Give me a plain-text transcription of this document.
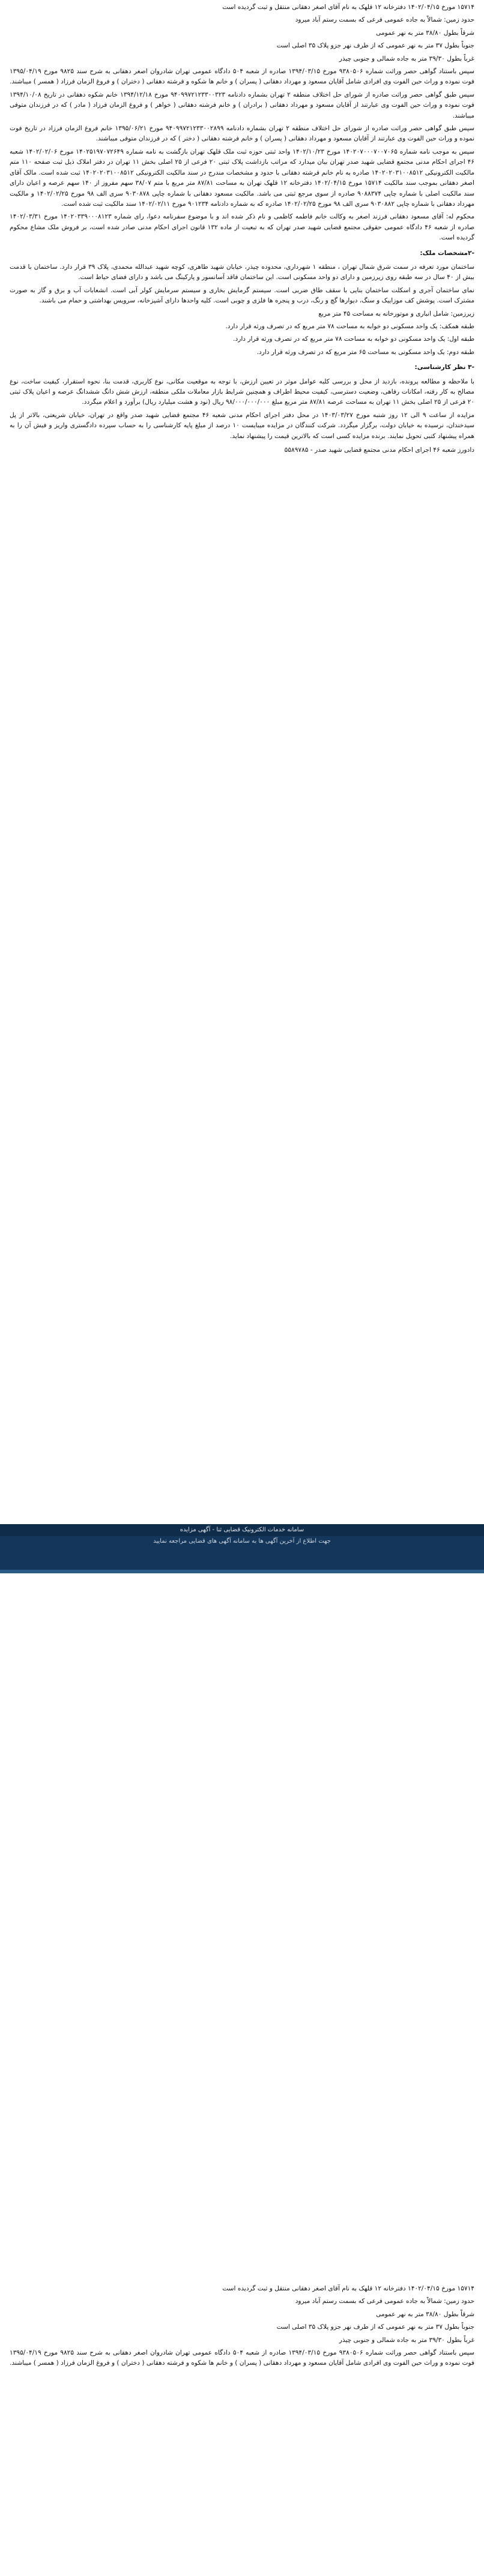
۱۵۷۱۴ مورخ ۱۴۰۲/۰۴/۱۵ دفترخانه ۱۲ قلهک به نام آقای اصغر دهقانی منتقل و ثبت گردیده است

حدود زمین: شمالاً به جاده عمومی فرعی که بسمت رستم آباد میرود

شرقاً بطول ۳۸/۸۰ متر به نهر عمومی

جنوباً بطول ۳۷ متر به نهر عمومی که از طرف نهر جزو پلاک ۳۵ اصلی است

غرباً بطول ۳۹/۳۰ متر به جاده شمالی و جنوبی چیذر

سپس باستناد گواهی حصر وراثت شماره ۹۳۸۰۵۰۶ مورخ ۱۳۹۴/۰۳/۱۵ صادره از شعبه ۵۰۴ دادگاه عمومی تهران شادروان اصغر دهقانی به شرح سند ۹۸۲۵ مورخ ۱۳۹۵/۰۴/۱۹ فوت نموده و وراث حین الفوت وی افرادی شامل آقایان مسعود و مهرداد دهقانی ( پسران ) و خانم ها شکوه و فرشته دهقانی ( دختران ) و فروغ الزمان فرزاد ( همسر ) میباشند.

سپس طبق گواهی حصر وراثت صادره از شورای حل اختلاف منطقه ۲ تهران بشماره دادنامه ۹۴۰۹۹۷۲۱۲۳۳۰۰۳۲۳ مورخ ۱۳۹۴/۱۲/۱۸ خانم شکوه دهقانی در تاریخ ۱۳۹۴/۱۰/۰۸ فوت نموده و وراث حین الفوت وی عبارتند از آقایان مسعود و مهرداد دهقانی ( برادران ) و خانم فرشته دهقانی ( خواهر ) و فروغ الزمان فرزاد ( مادر ) که در فرزندان متوفی میباشند.

سپس طبق گواهی حصر وراثت صادره از شورای حل اختلاف منطقه ۲ تهران بشماره دادنامه ۹۴۰۹۹۷۲۱۲۳۳۰۰۲۸۹۹ مورخ ۱۳۹۵/۰۶/۲۱ خانم فروغ الزمان فرزاد در تاریخ فوت نموده و وراث حین الفوت وی عبارتند از آقایان مسعود و مهرداد دهقانی ( پسران ) و خانم فرشته دهقانی ( دختر ) که در فرزندان متوفی میباشند.

سپس به موجب نامه شماره ۱۴۰۲۰۷۰۰۰۷۰۰۷۰۶۵ مورخ ۱۴۰۲/۱۰/۲۳ واحد ثبتی حوزه ثبت ملک قلهک تهران بازگشت به نامه شماره ۱۴۰۲۵۱۹۷۰۷۲۶۴۹ مورخ ۱۴۰۲/۰۲/۰۶ شعبه ۴۶ اجرای احکام مدنی مجتمع قضایی شهید صدر تهران بیان میدارد که مراتب بازداشت پلاک ثبتی ۲۰ فرعی از ۲۵ اصلی بخش ۱۱ تهران در دفتر املاک ذیل ثبت صفحه ۱۱۰ متم مالکیت الکترونیکی ۱۴۰۲۰۲۰۳۱۰۰۸۵۱۲ صادره به نام خانم فرشته دهقانی با حدود و مشخصات مندرج در سند مالکیت الکترونیکی ۱۴۰۲۰۲۰۳۱۰۰۸۵۱۲ ثبت شده است. مالک آقای اصغر دهقانی بموجب سند مالکیت ۱۵۷۱۴ مورخ ۱۴۰۲/۰۴/۱۵ دفترخانه ۱۲ قلهک تهران به مساحت ۸۷/۸۱ متر مربع با متم ۳۸/۰۷ سهم مفروز از ۱۴۰ سهم عرصه و اعیان دارای سند مالکیت اصلی با شماره چاپی ۹۰۸۸۳۷۴ صادره از سوی مرجع ثبتی می باشد. مالکیت مسعود دهقانی با شماره چاپی ۹۰۳۰۸۷۸ سری الف ۹۸ مورخ ۱۴۰۲/۰۲/۲۵ و مالکیت مهرداد دهقانی با شماره چاپی ۹۰۳۰۸۸۲ سری الف ۹۸ مورخ ۱۴۰۲/۰۲/۲۵ صادره که به شماره دادنامه ۹۰۱۲۳۴ مورخ ۱۴۰۲/۰۲/۱۱ سند مالکیت ثبت شده است.

محکوم له: آقای مسعود دهقانی فرزند اصغر به وکالت خانم فاطمه کاظمی و نام ذکر شده اند و با موضوع سفرنامه دعوا، رای شماره ۱۴۰۲۰۳۳۹۰۰۰۸۱۲۳ مورخ ۱۴۰۲/۰۳/۳۱ صادره از شعبه ۴۶ دادگاه عمومی حقوقی مجتمع قضایی شهید صدر تهران که به تبعیت از ماده ۱۳۲ قانون اجرای احکام مدنی صادر شده است، بر فروش ملک مشاع محکوم گردیده است.

-۲مشخصات ملک:

ساختمان مورد تعرفه در سمت شرق شمال تهران ، منطقه ۱ شهرداری، محدوده چیذر، خیابان شهید طاهری، کوچه شهید عبدالله محمدی، پلاک ۳۹ قرار دارد. ساختمان با قدمت بیش از ۴۰ سال در سه طبقه روی زیرزمین و دارای دو واحد مسکونی است. این ساختمان فاقد آسانسور و پارکینگ می باشد و دارای فضای حیاط است.

نمای ساختمان آجری و اسکلت ساختمان بنایی با سقف طاق ضربی است. سیستم گرمایش بخاری و سیستم سرمایش کولر آبی است. انشعابات آب و برق و گاز به صورت مشترک است. پوشش کف موزاییک و سنگ، دیوارها گچ و رنگ، درب و پنجره ها فلزی و چوبی است. کلیه واحدها دارای آشپزخانه، سرویس بهداشتی و حمام می باشند.

زیرزمین: شامل انباری و موتورخانه به مساحت ۴۵ متر مربع

طبقه همکف: یک واحد مسکونی دو خوابه به مساحت ۷۸ متر مربع که در تصرف ورثه قرار دارد.

طبقه اول: یک واحد مسکونی دو خوابه به مساحت ۷۸ متر مربع که در تصرف ورثه قرار دارد.

طبقه دوم: یک واحد مسکونی به مساحت ۶۵ متر مربع که در تصرف ورثه قرار دارد.

-۳ نظر کارشناسی:

با ملاحظه و مطالعه پرونده، بازدید از محل و بررسی کلیه عوامل موثر در تعیین ارزش، با توجه به موقعیت مکانی، نوع کاربری، قدمت بنا، نحوه استقرار، کیفیت ساخت، نوع مصالح به کار رفته، امکانات رفاهی، وضعیت دسترسی، کیفیت محیط اطراف و همچنین شرایط بازار معاملات ملکی منطقه، ارزش شش دانگ ششدانگ عرصه و اعیان پلاک ثبتی ۲۰ فرعی از ۲۵ اصلی بخش ۱۱ تهران به مساحت عرصه ۸۷/۸۱ متر مربع مبلغ ۹۸/۰۰۰/۰۰۰/۰۰۰ ریال (نود و هشت میلیارد ریال) برآورد و اعلام میگردد.

مزایده از ساعت ۹ الی ۱۲ روز شنبه مورخ ۱۴۰۳/۰۳/۲۷ در محل دفتر اجرای احکام مدنی شعبه ۴۶ مجتمع قضایی شهید صدر واقع در تهران، خیابان شریعتی، بالاتر از پل سیدخندان، نرسیده به خیابان دولت، برگزار میگردد. شرکت کنندگان در مزایده میبایست ۱۰ درصد از مبلغ پایه کارشناسی را به حساب سپرده دادگستری واریز و فیش آن را به همراه پیشنهاد کتبی تحویل نمایند. برنده مزایده کسی است که بالاترین قیمت را پیشنهاد نماید.

دادورز شعبه ۴۶ اجرای احکام مدنی مجتمع قضایی شهید صدر - ۵۵۸۹۷۸۵

سامانه خدمات الکترونیک قضایی ثنا - آگهی مزایده
جهت اطلاع از آخرین آگهی ها به سامانه آگهی های قضایی مراجعه نمایید

۱۵۷۱۴ مورخ ۱۴۰۲/۰۴/۱۵ دفترخانه ۱۲ قلهک به نام آقای اصغر دهقانی منتقل و ثبت گردیده است

حدود زمین: شمالاً به جاده عمومی فرعی که بسمت رستم آباد میرود

شرقاً بطول ۳۸/۸۰ متر به نهر عمومی

جنوباً بطول ۳۷ متر به نهر عمومی که از طرف نهر جزو پلاک ۳۵ اصلی است

غرباً بطول ۳۹/۳۰ متر به جاده شمالی و جنوبی چیذر

سپس باستناد گواهی حصر وراثت شماره ۹۳۸۰۵۰۶ مورخ ۱۳۹۴/۰۳/۱۵ صادره از شعبه ۵۰۴ دادگاه عمومی تهران شادروان اصغر دهقانی به شرح سند ۹۸۲۵ مورخ ۱۳۹۵/۰۴/۱۹ فوت نموده و وراث حین الفوت وی افرادی شامل آقایان مسعود و مهرداد دهقانی ( پسران ) و خانم ها شکوه و فرشته دهقانی ( دختران ) و فروغ الزمان فرزاد ( همسر ) میباشند.
